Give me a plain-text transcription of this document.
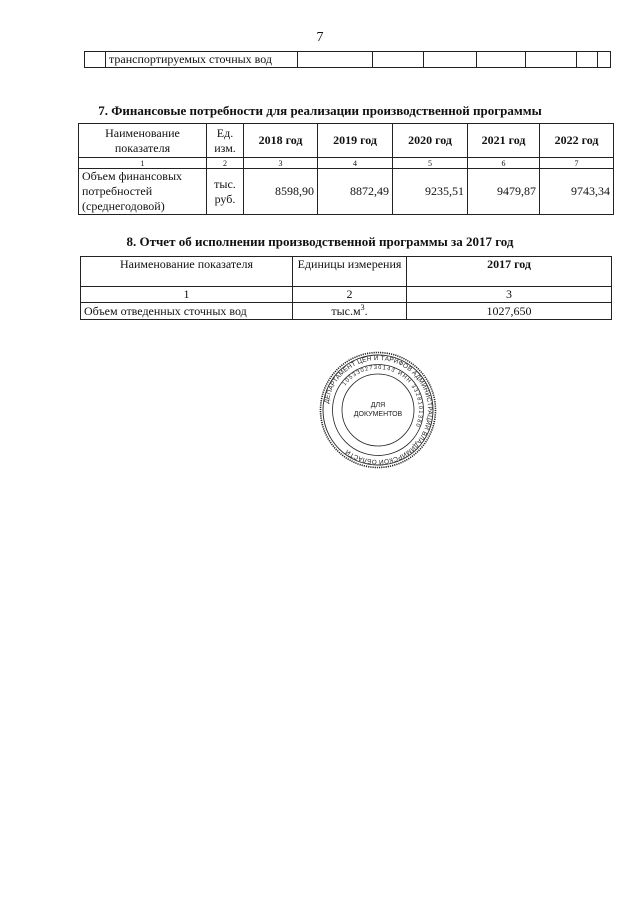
7
	транспортируемых сточных вод							
7. Финансовые потребности для реализации производственной программы
Наименование показателя	Ед. изм.	2018 год	2019 год	2020 год	2021 год	2022 год
1	2	3	4	5	6	7
Объем финансовых потребностей (среднегодовой)	тыс. руб.	8598,90	8872,49	9235,51	9479,87	9743,34
8. Отчет об исполнении производственной программы за 2017 год
Наименование показателя	Единицы измерения	2017 год
1	2	3
Объем отведенных сточных вод	$тыс.м^3$.	1027,650
ДЕПАРТАМЕНТ ЦЕН И ТАРИФОВ АДМИНИСТРАЦИИ ВЛАДИМИРСКОЙ ОБЛАСТИ
1053302730143 ИНН 3328101380
ДЛЯ
ДОКУМЕНТОВ
